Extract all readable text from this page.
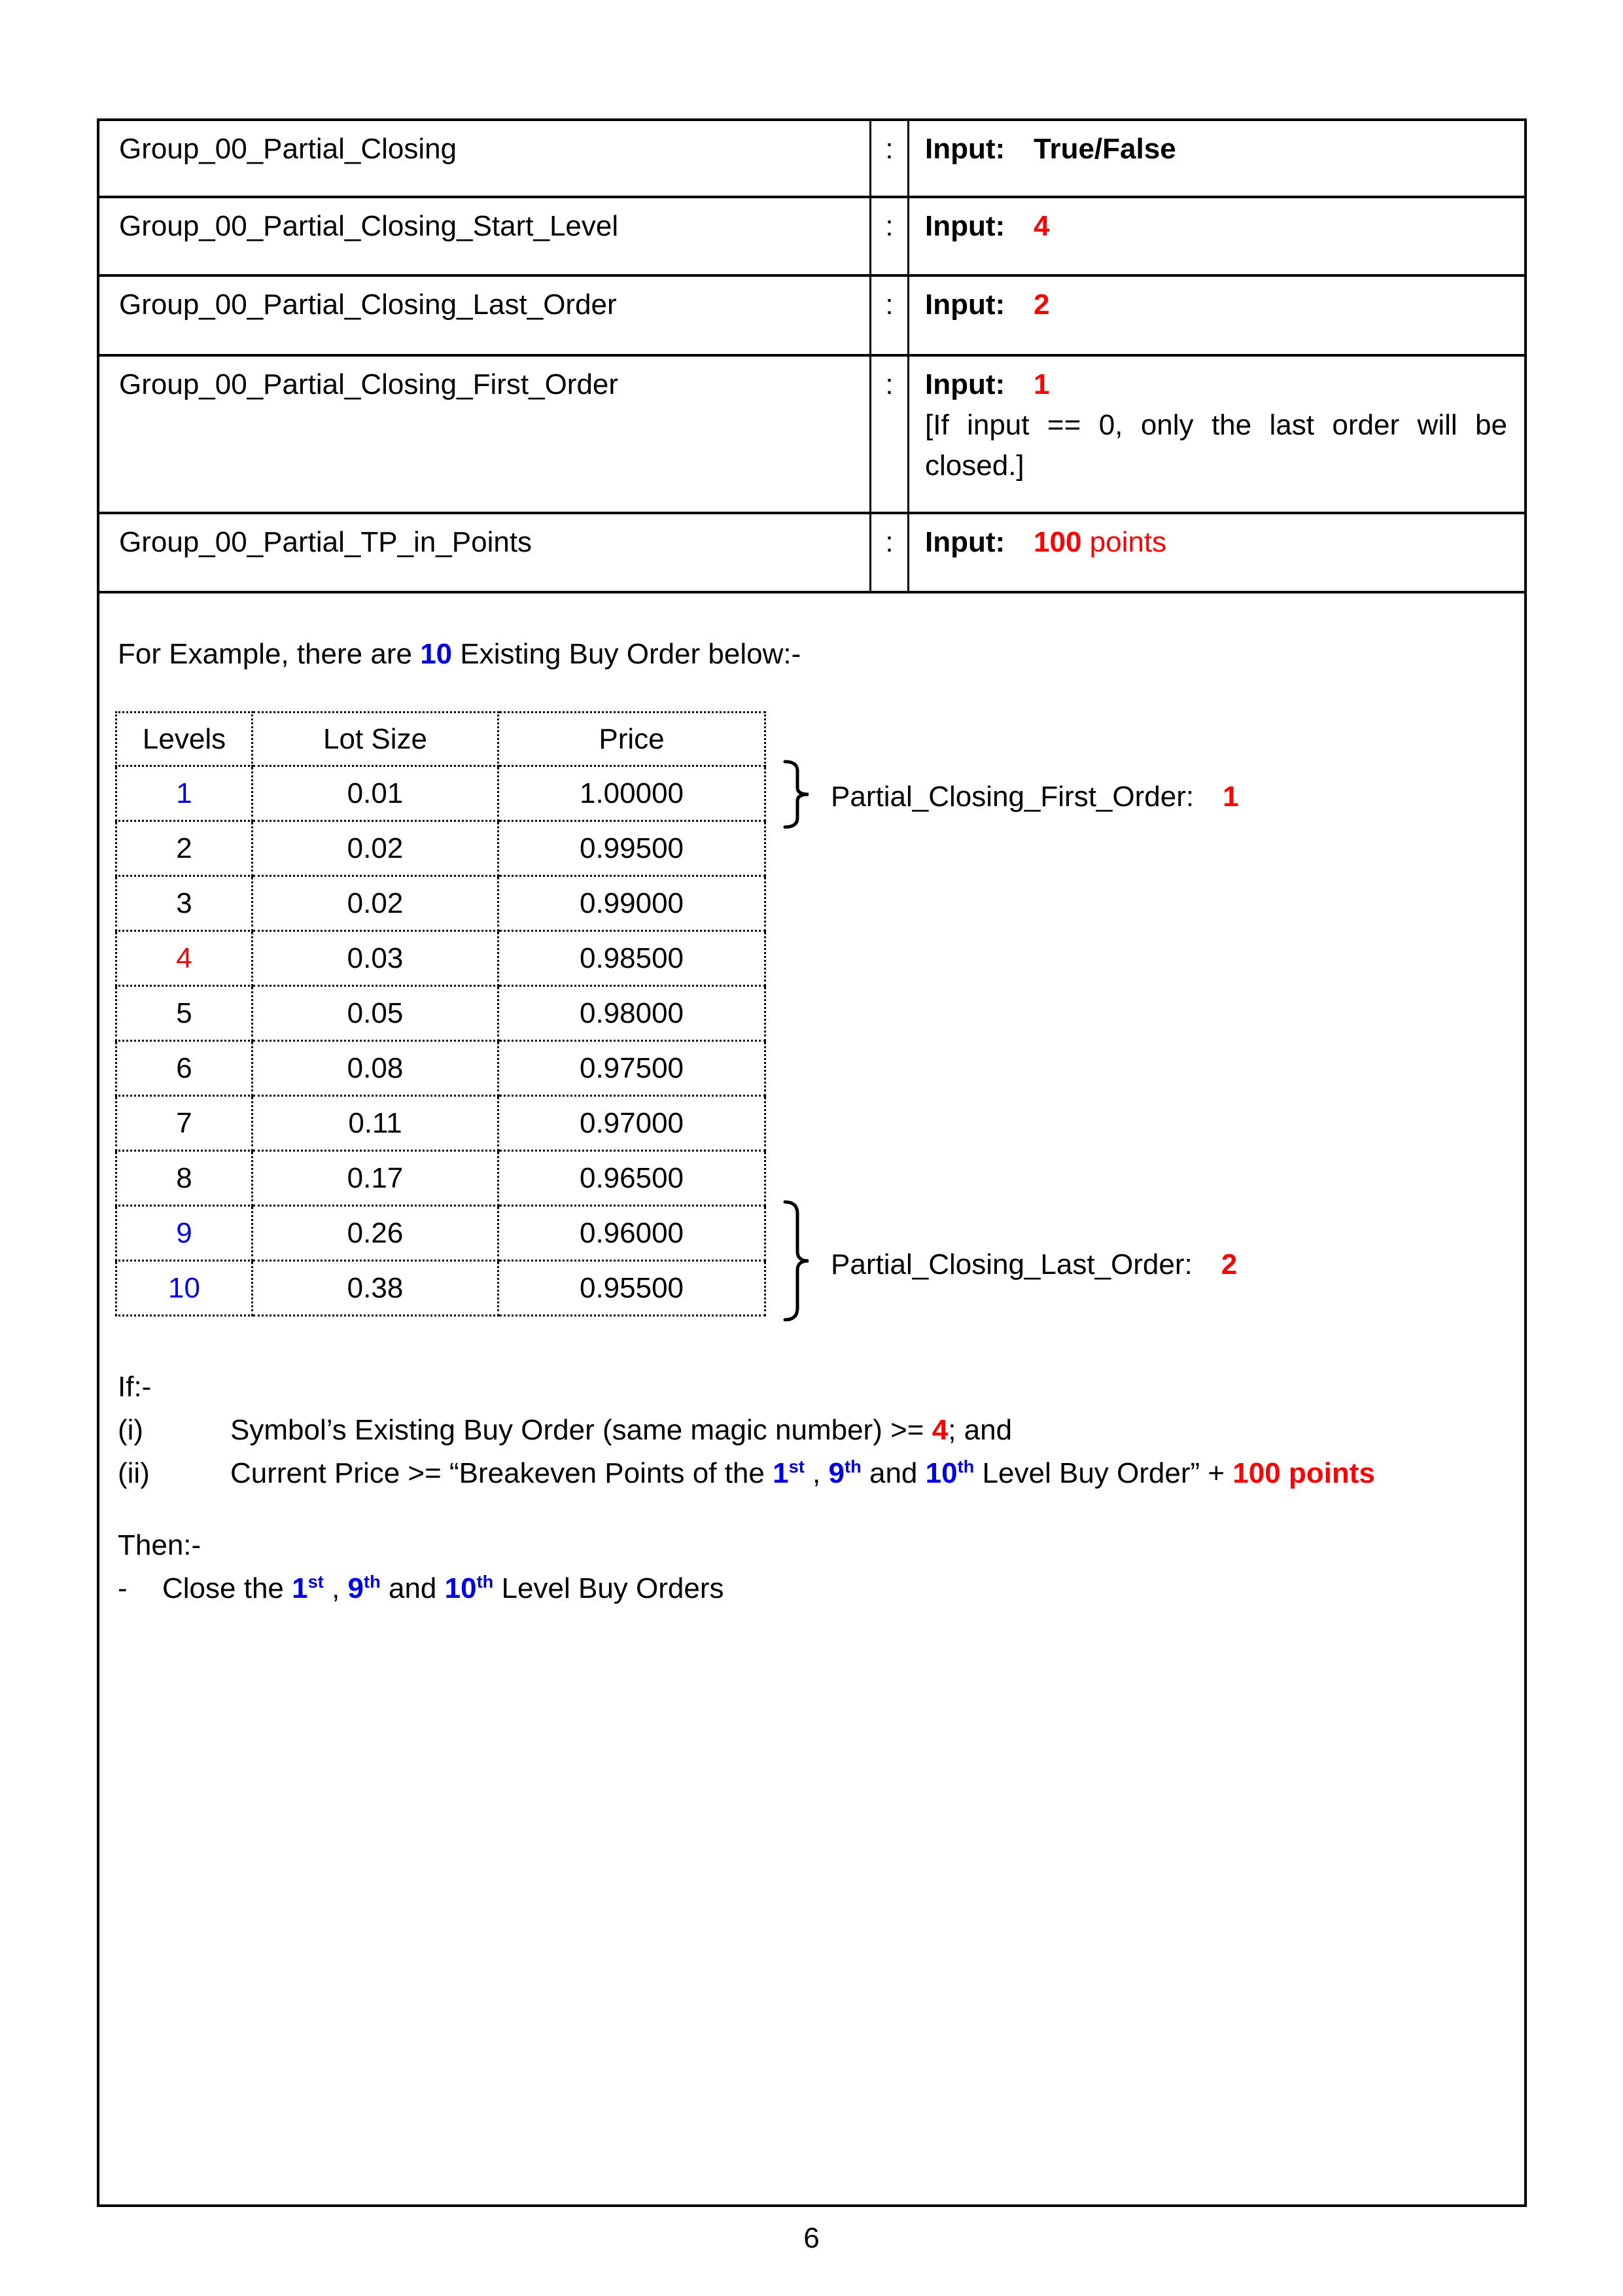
Group_00_Partial_Closing	:	Input: True/False
Group_00_Partial_Closing_Start_Level	:	Input: 4
Group_00_Partial_Closing_Last_Order	:	Input: 2
Group_00_Partial_Closing_First_Order	:	Input: 1
[If input == 0, only the last order will be closed.]
Group_00_Partial_TP_in_Points	:	Input: 100 points
For Example, there are 10 Existing Buy Order below:-
Levels	Lot Size	Price
1	0.01	1.00000
2	0.02	0.99500
3	0.02	0.99000
4	0.03	0.98500
5	0.05	0.98000
6	0.08	0.97500
7	0.11	0.97000
8	0.17	0.96500
9	0.26	0.96000
10	0.38	0.95500
Partial_Closing_First_Order: 1
Partial_Closing_Last_Order: 2
If:-
(i)	Symbol’s Existing Buy Order (same magic number) >= 4; and
(ii)	Current Price >= “Breakeven Points of the 1st , 9th and 10th Level Buy Order” + 100 points
Then:-
-	Close the 1st , 9th and 10th Level Buy Orders
6
